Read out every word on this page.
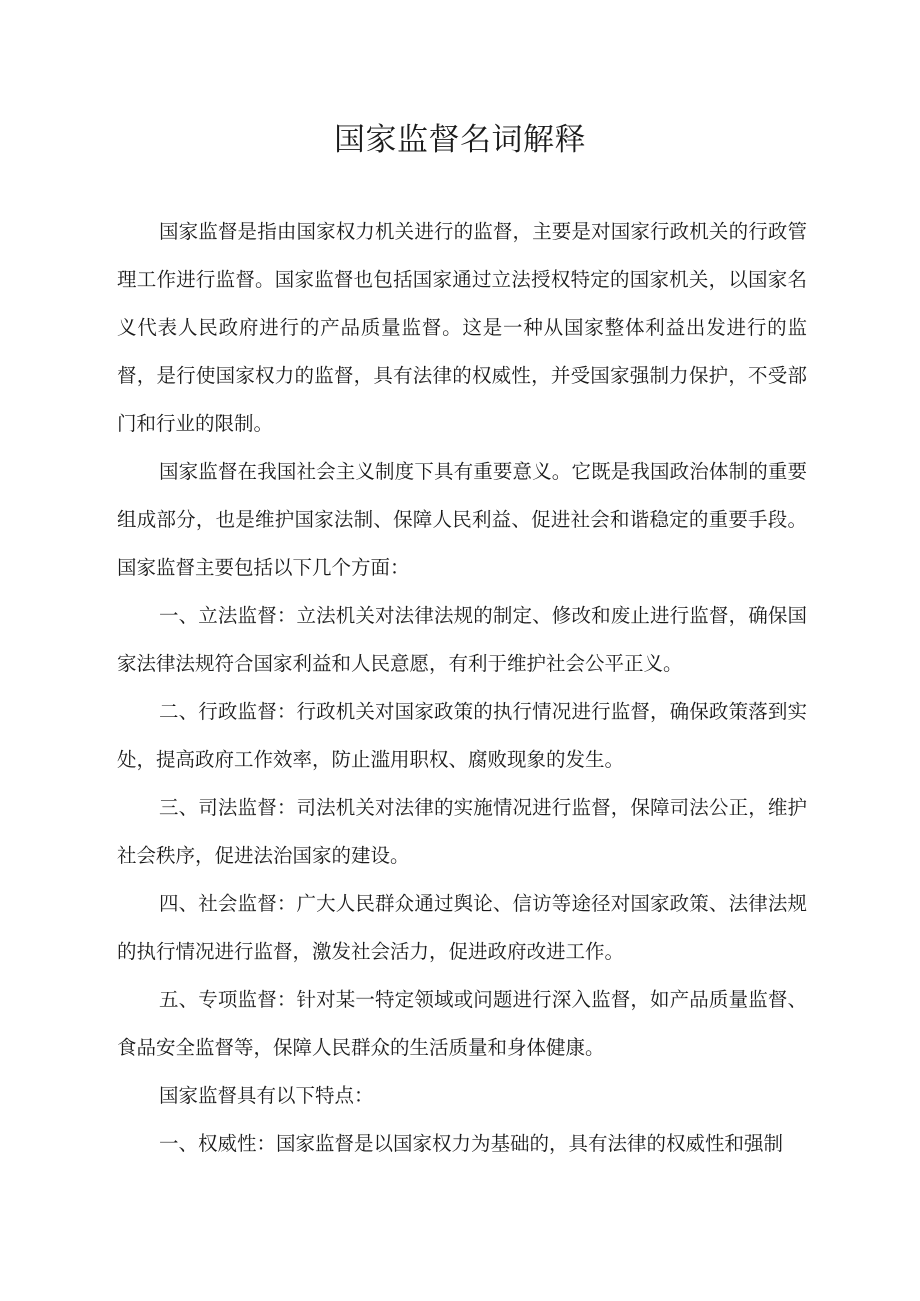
国家监督名词解释

国家监督是指由国家权力机关进行的监督，主要是对国家行政机关的行政管理工作进行监督。国家监督也包括国家通过立法授权特定的国家机关，以国家名义代表人民政府进行的产品质量监督。这是一种从国家整体利益出发进行的监督，是行使国家权力的监督，具有法律的权威性，并受国家强制力保护，不受部门和行业的限制。

国家监督在我国社会主义制度下具有重要意义。它既是我国政治体制的重要组成部分，也是维护国家法制、保障人民利益、促进社会和谐稳定的重要手段。国家监督主要包括以下几个方面：

一、立法监督：立法机关对法律法规的制定、修改和废止进行监督，确保国家法律法规符合国家利益和人民意愿，有利于维护社会公平正义。

二、行政监督：行政机关对国家政策的执行情况进行监督，确保政策落到实处，提高政府工作效率，防止滥用职权、腐败现象的发生。

三、司法监督：司法机关对法律的实施情况进行监督，保障司法公正，维护社会秩序，促进法治国家的建设。

四、社会监督：广大人民群众通过舆论、信访等途径对国家政策、法律法规的执行情况进行监督，激发社会活力，促进政府改进工作。

五、专项监督：针对某一特定领域或问题进行深入监督，如产品质量监督、食品安全监督等，保障人民群众的生活质量和身体健康。

国家监督具有以下特点：

一、权威性：国家监督是以国家权力为基础的，具有法律的权威性和强制
